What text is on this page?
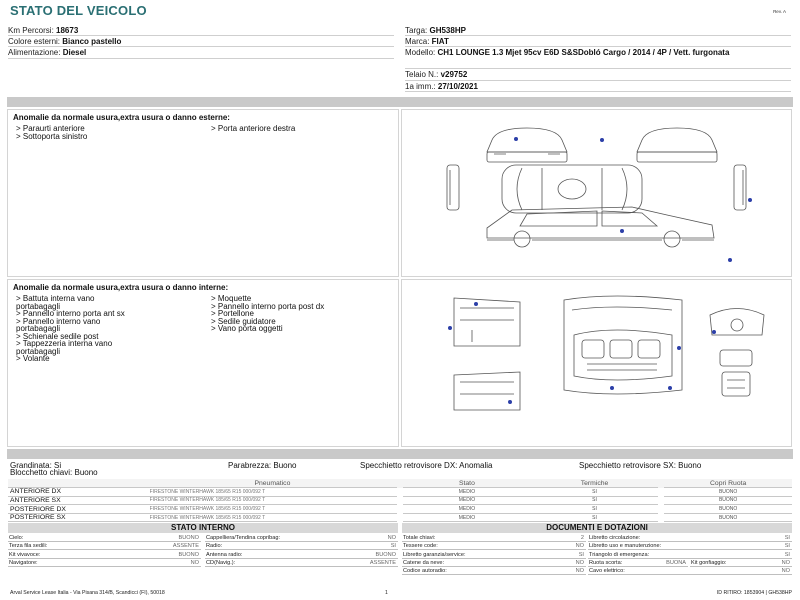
STATO DEL VEICOLO	Rev. A
Km Percorsi: 18673
Colore esterni: Bianco pastello
Alimentazione: Diesel
Targa: GH538HP
Marca: FIAT
Modello: CH1 LOUNGE 1.3 Mjet 95cv E6D S&SDobló Cargo / 2014 / 4P / Vett. furgonata
Telaio N.: v29752
1a imm.: 27/10/2021
Anomalie da normale usura,extra usura o danno esterne:
> Paraurti anteriore
> Sottoporta sinistro
> Porta anteriore destra
Anomalie da normale usura,extra usura o danno interne:
> Battuta interna vano
portabagagli
> Pannello interno porta ant sx
> Pannello interno vano
portabagagli
> Schienale sedile post
> Tappezzeria interna vano
portabagagli
> Volante
> Moquette
> Pannello interno porta post dx
> Portellone
> Sedile guidatore
> Vano porta oggetti
Grandinata: Si	Parabrezza: Buono	Specchietto retrovisore DX: Anomalia	Specchietto retrovisore SX: Buono
Blocchetto chiavi: Buono
	Pneumatico		Stato	Termiche		Copri Ruota
ANTERIORE DX	FIRESTONE WINTERHAWK 185/65 R15 000/092 T		MEDIO	SI		BUONO
ANTERIORE SX	FIRESTONE WINTERHAWK 185/65 R15 000/092 T		MEDIO	SI		BUONO
POSTERIORE DX	FIRESTONE WINTERHAWK 185/65 R15 000/092 T		MEDIO	SI		BUONO
POSTERIORE SX	FIRESTONE WINTERHAWK 185/65 R15 000/092 T		MEDIO	SI		BUONO
STATO INTERNO
Cielo:	BUONO
Terza fila sedili:	ASSENTE
Kit vivavoce:	BUONO
Navigatore:	NO
Cappelliera/Tendina copribag:	NO
Radio:	SI
Antenna radio:	BUONO
CD(Navig.):	ASSENTE
DOCUMENTI E DOTAZIONI
Totale chiavi:	2
Tessere code:	NO
Libretto garanzia/service:	SI
Catene da neve:	NO
Codice autoradio:	NO
Libretto circolazione:	SI
Libretto uso e manutenzione:	SI
Triangolo di emergenza:	SI
Ruota scorta:	BUONA Kit gonfiaggio:	NO
Cavo elettrico:	NO
Arval Service Lease Italia - Via Pisana 314/B, Scandicci (FI), 50018	1	ID RITIRO: 1853904 | GH538HP
